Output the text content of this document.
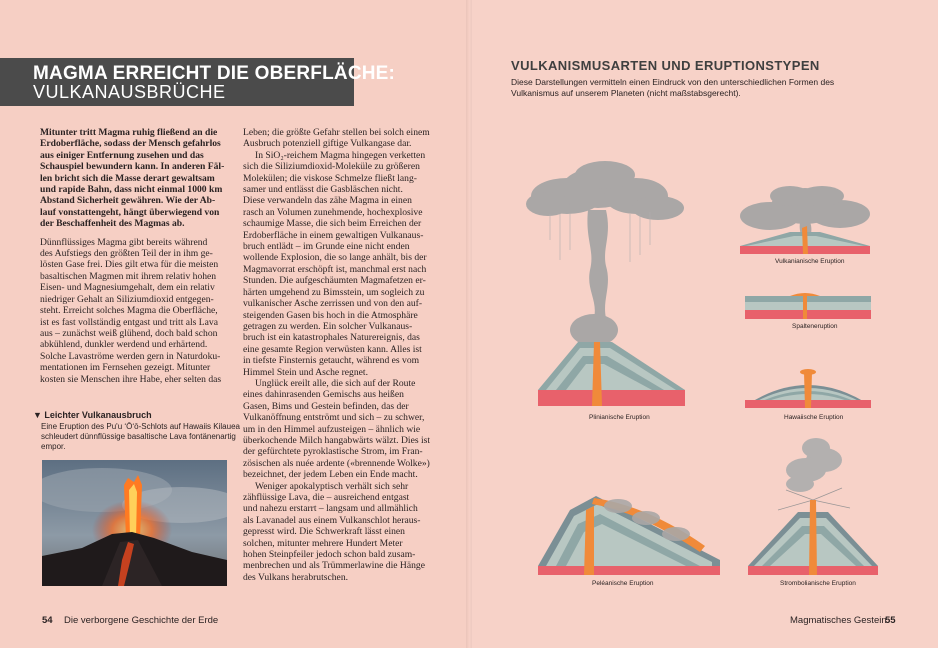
MAGMA ERREICHT DIE OBERFLÄCHE:
VULKANAUSBRÜCHE
Mitunter tritt Magma ruhig fließend an die
Erdoberfläche, sodass der Mensch gefahrlos
aus einiger Entfernung zusehen und das
Schauspiel bewundern kann. In anderen Fäl-
len bricht sich die Masse derart gewaltsam
und rapide Bahn, dass nicht einmal 1000 km
Abstand Sicherheit gewähren. Wie der Ab-
lauf vonstattengeht, hängt überwiegend von
der Beschaffenheit des Magmas ab.
Dünnflüssiges Magma gibt bereits während
des Aufstiegs den größten Teil der in ihm ge-
lösten Gase frei. Dies gilt etwa für die meisten
basaltischen Magmen mit ihrem relativ hohen
Eisen- und Magnesiumgehalt, dem ein relativ
niedriger Gehalt an Siliziumdioxid entgegen-
steht. Erreicht solches Magma die Oberfläche,
ist es fast vollständig entgast und tritt als Lava
aus – zunächst weiß glühend, doch bald schon
abkühlend, dunkler werdend und erhärtend.
Solche Lavaströme werden gern in Naturdoku-
mentationen im Fernsehen gezeigt. Mitunter
kosten sie Menschen ihre Habe, eher selten das
▼ Leichter Vulkanausbruch
Eine Eruption des Pu'u ʻŌʻō-Schlots auf Hawaiis Kilauea
schleudert dünnflüssige basaltische Lava fontänenartig
empor.
Leben; die größte Gefahr stellen bei solch einem
Ausbruch potenziell giftige Vulkangase dar.
In SiO₂-reichem Magma hingegen verketten
sich die Siliziumdioxid-Moleküle zu größeren
Molekülen; die viskose Schmelze fließt lang-
samer und entlässt die Gasbläschen nicht.
Diese verwandeln das zähe Magma in einen
rasch an Volumen zunehmende, hochexplosive
schaumige Masse, die sich beim Erreichen der
Erdoberfläche in einem gewaltigen Vulkanaus-
bruch entlädt – im Grunde eine nicht enden
wollende Explosion, die so lange anhält, bis der
Magmavorrat erschöpft ist, manchmal erst nach
Stunden. Die aufgeschäumten Magmafetzen er-
härten umgehend zu Bimsstein, um sogleich zu
vulkanischer Asche zerrissen und von den auf-
steigenden Gasen bis hoch in die Atmosphäre
getragen zu werden. Ein solcher Vulkanaus-
bruch ist ein katastrophales Naturereignis, das
eine gesamte Region verwüsten kann. Alles ist
in tiefste Finsternis getaucht, während es vom
Himmel Stein und Asche regnet.
Unglück ereilt alle, die sich auf der Route
eines dahinrasenden Gemischs aus heißen
Gasen, Bims und Gestein befinden, das der
Vulkanöffnung entströmt und sich – zu schwer,
um in den Himmel aufzusteigen – ähnlich wie
überkochende Milch hangabwärts wälzt. Dies ist
der gefürchtete pyroklastische Strom, im Fran-
zösischen als nuée ardente («brennende Wolke»)
bezeichnet, der jedem Leben ein Ende macht.
Weniger apokalyptisch verhält sich sehr
zähflüssige Lava, die – ausreichend entgast
und nahezu erstarrt – langsam und allmählich
als Lavanadel aus einem Vulkanschlot heraus-
gepresst wird. Die Schwerkraft lässt einen
solchen, mitunter mehrere Hundert Meter
hohen Steinpfeiler jedoch schon bald zusam-
menbrechen und als Trümmerlawine die Hänge
des Vulkans herabrutschen.
54 Die verborgene Geschichte der Erde
VULKANISMUSARTEN UND ERUPTIONSTYPEN
Diese Darstellungen vermitteln einen Eindruck von den unterschiedlichen Formen des
Vulkanismus auf unserem Planeten (nicht maßstabsgerecht).
Plinianische Eruption
Vulkanianische Eruption
Spalteneruption
Hawaiische Eruption
Peléanische Eruption	Strombolianische Eruption
Magmatisches Gestein
55
